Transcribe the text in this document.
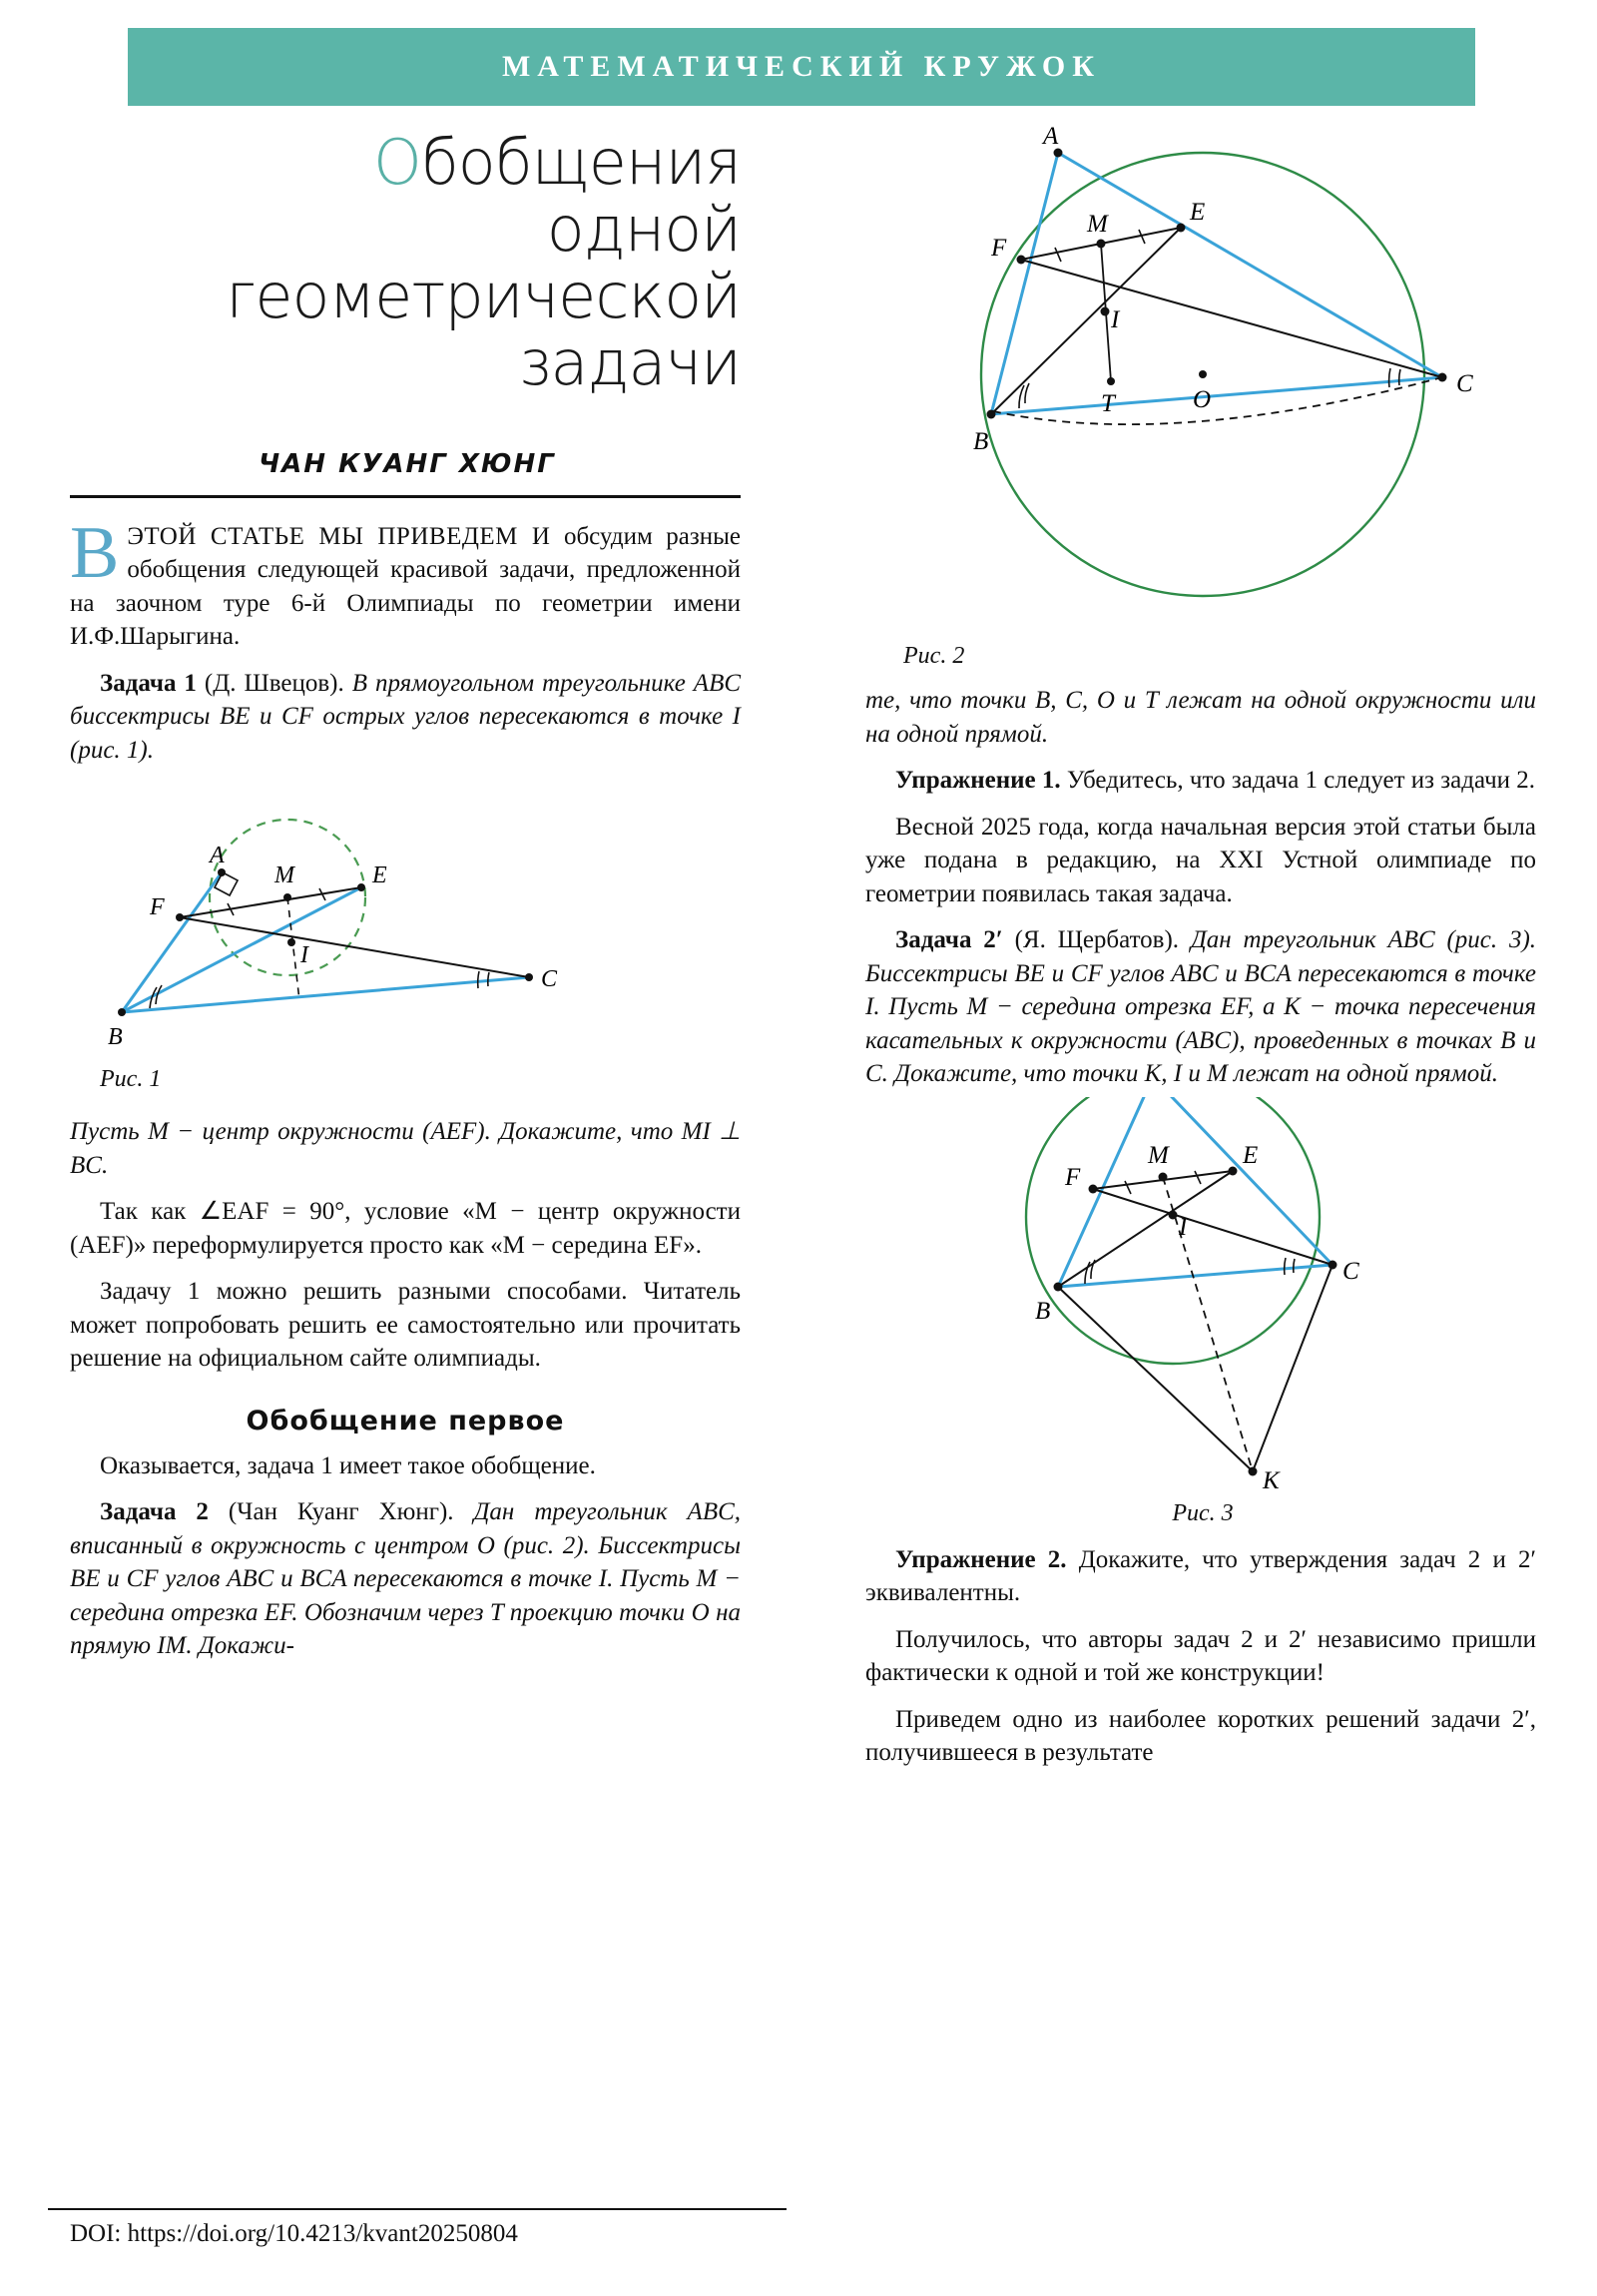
МАТЕМАТИЧЕСКИЙ КРУЖОК
Обобщения
одной
геометрической
задачи
ЧАН КУАНГ ХЮНГ
ВЭТОЙ СТАТЬЕ МЫ ПРИВЕДЕМ И обсудим разные обобщения следующей красивой задачи, предложенной на заочном туре 6-й Олимпиады по геометрии имени И.Ф.Шарыгина.
Задача 1 (Д. Швецов). В прямоугольном треугольнике ABC биссектрисы BE и CF острых углов пересекаются в точке I (рис. 1).
A
E
M
F
I
B
C
Рис. 1
Пусть M − центр окружности (AEF). Докажите, что MI ⊥ BC.
Так как ∠EAF = 90°, условие «M − центр окружности (AEF)» переформулируется просто как «M − середина EF».
Задачу 1 можно решить разными способами. Читатель может попробовать решить ее самостоятельно или прочитать решение на официальном сайте олимпиады.
Обобщение первое
Оказывается, задача 1 имеет такое обобщение.
Задача 2 (Чан Куанг Хюнг). Дан треугольник ABC, вписанный в окружность с центром O (рис. 2). Биссектрисы BE и CF углов ABC и BCA пересекаются в точке I. Пусть M − середина отрезка EF. Обозначим через T проекцию точки O на прямую IM. Докажи-
A
E
M
F
I
T	O
B
C
Рис. 2
те, что точки B, C, O и T лежат на одной окружности или на одной прямой.
Упражнение 1. Убедитесь, что задача 1 следует из задачи 2.
Весной 2025 года, когда начальная версия этой статьи была уже подана в редакцию, на XXI Устной олимпиаде по геометрии появилась такая задача.
Задача 2′ (Я. Щербатов). Дан треугольник ABC (рис. 3). Биссектрисы BE и CF углов ABC и BCA пересекаются в точке I. Пусть M − середина отрезка EF, а K − точка пересечения касательных к окружности (ABC), проведенных в точках B и C. Докажите, что точки K, I и M лежат на одной прямой.
E
M
F
I
B
C
K
Рис. 3
Упражнение 2. Докажите, что утверждения задач 2 и 2′ эквивалентны.
Получилось, что авторы задач 2 и 2′ независимо пришли фактически к одной и той же конструкции!
Приведем одно из наиболее коротких решений задачи 2′, получившееся в результате
DOI: https://doi.org/10.4213/kvant20250804
